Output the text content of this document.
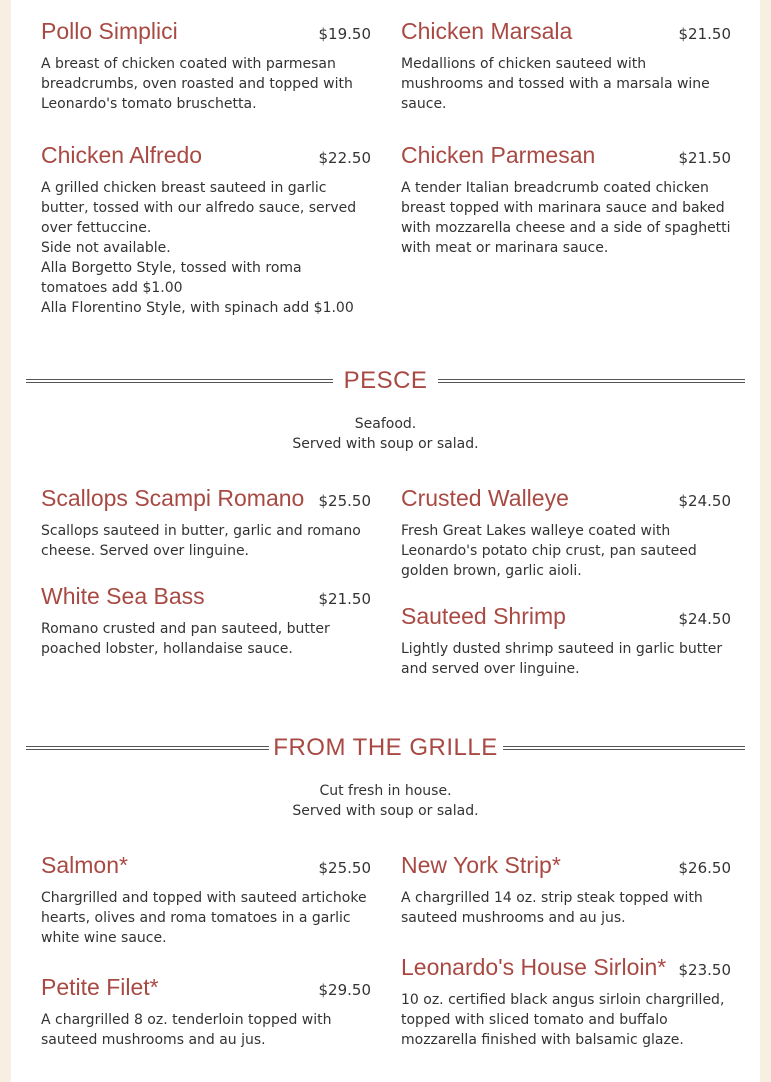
Pollo Simplici	$19.50
A breast of chicken coated with parmesan breadcrumbs, oven roasted and topped with Leonardo's tomato bruschetta.
Chicken Alfredo	$22.50
A grilled chicken breast sauteed in garlic butter, tossed with our alfredo sauce, served over fettuccine.
Side not available.
Alla Borgetto Style, tossed with roma tomatoes add $1.00
Alla Florentino Style, with spinach add $1.00
Chicken Marsala	$21.50
Medallions of chicken sauteed with mushrooms and tossed with a marsala wine sauce.
Chicken Parmesan	$21.50
A tender Italian breadcrumb coated chicken breast topped with marinara sauce and baked with mozzarella cheese and a side of spaghetti with meat or marinara sauce.
PESCE
Seafood.
Served with soup or salad.
Scallops Scampi Romano $25.50
Scallops sauteed in butter, garlic and romano cheese. Served over linguine.
White Sea Bass	$21.50
Romano crusted and pan sauteed, butter poached lobster, hollandaise sauce.
Crusted Walleye	$24.50
Fresh Great Lakes walleye coated with Leonardo's potato chip crust, pan sauteed golden brown, garlic aioli.
Sauteed Shrimp	$24.50
Lightly dusted shrimp sauteed in garlic butter and served over linguine.
FROM THE GRILLE
Cut fresh in house.
Served with soup or salad.
Salmon*	$25.50
Chargrilled and topped with sauteed artichoke hearts, olives and roma tomatoes in a garlic white wine sauce.
Petite Filet*	$29.50
A chargrilled 8 oz. tenderloin topped with sauteed mushrooms and au jus.
New York Strip*	$26.50
A chargrilled 14 oz. strip steak topped with sauteed mushrooms and au jus.
Leonardo's House Sirloin* $23.50
10 oz. certified black angus sirloin chargrilled, topped with sliced tomato and buffalo mozzarella finished with balsamic glaze.
